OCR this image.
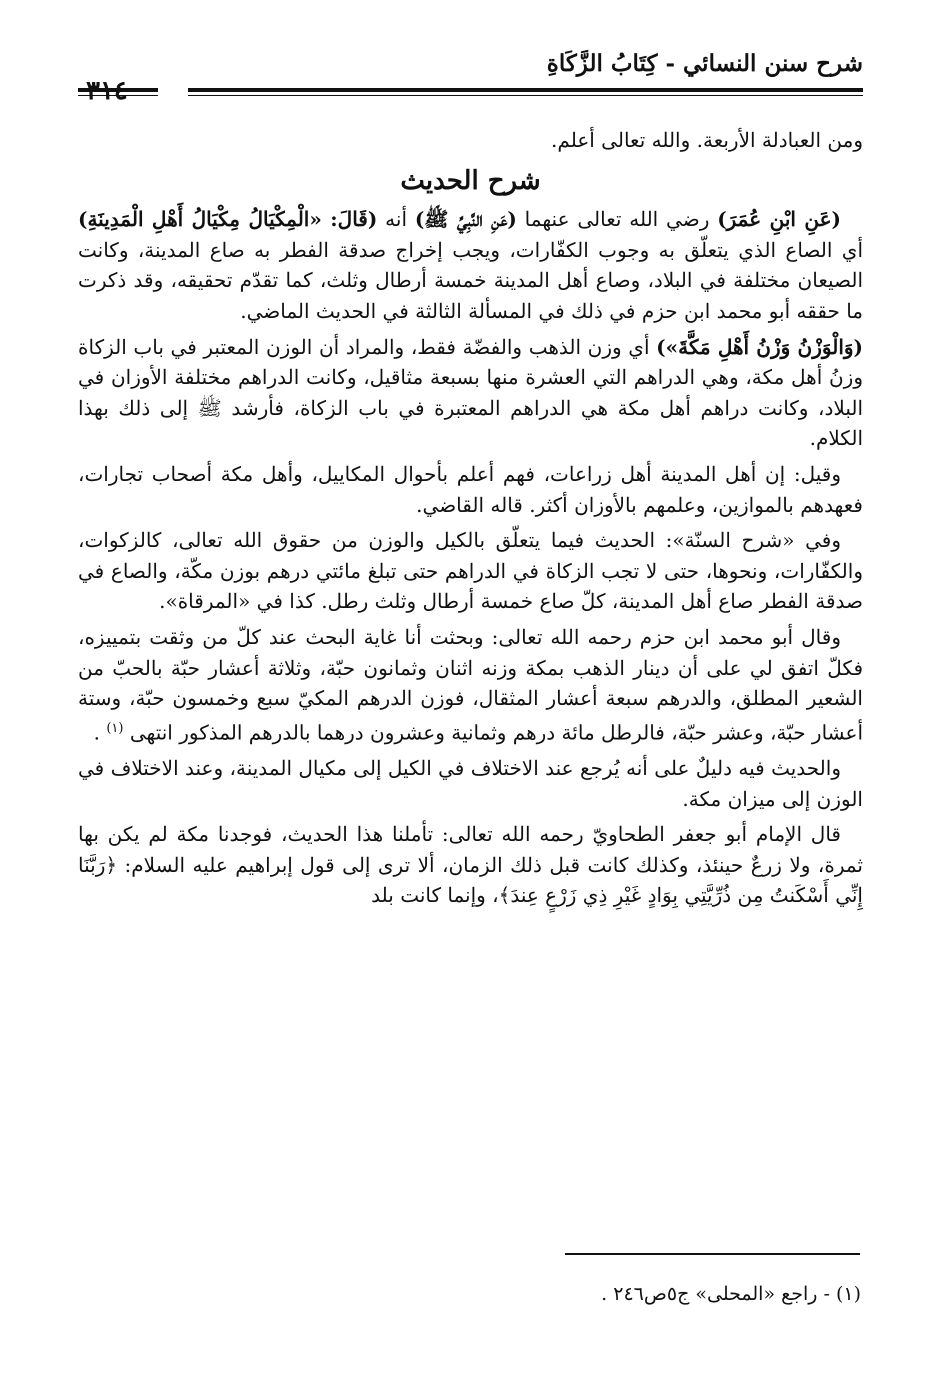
شرح سنن النسائي - كِتَابُ الزَّكَاةِ
٣١٤

ومن العبادلة الأربعة. والله تعالى أعلم.

شرح الحديث

(عَنِ ابْنِ عُمَرَ) رضي الله تعالى عنهما (عَنِ النَّبِيِّ ﷺ) أنه (قَالَ: «الْمِكْيَالُ مِكْيَالُ أَهْلِ الْمَدِينَةِ) أي الصاع الذي يتعلّق به وجوب الكفّارات، ويجب إخراج صدقة الفطر به صاع المدينة، وكانت الصيعان مختلفة في البلاد، وصاع أهل المدينة خمسة أرطال وثلث، كما تقدّم تحقيقه، وقد ذكرت ما حققه أبو محمد ابن حزم في ذلك في المسألة الثالثة في الحديث الماضي.

(وَالْوَزْنُ وَزْنُ أَهْلِ مَكَّةَ») أي وزن الذهب والفضّة فقط، والمراد أن الوزن المعتبر في باب الزكاة وزنُ أهل مكة، وهي الدراهم التي العشرة منها بسبعة مثاقيل، وكانت الدراهم مختلفة الأوزان في البلاد، وكانت دراهم أهل مكة هي الدراهم المعتبرة في باب الزكاة، فأرشد ﷺ إلى ذلك بهذا الكلام.

وقيل: إن أهل المدينة أهل زراعات، فهم أعلم بأحوال المكاييل، وأهل مكة أصحاب تجارات، فعهدهم بالموازين، وعلمهم بالأوزان أكثر. قاله القاضي.

وفي «شرح السنّة»: الحديث فيما يتعلّق بالكيل والوزن من حقوق الله تعالى، كالزكوات، والكفّارات، ونحوها، حتى لا تجب الزكاة في الدراهم حتى تبلغ مائتي درهم بوزن مكّة، والصاع في صدقة الفطر صاع أهل المدينة، كلّ صاع خمسة أرطال وثلث رطل. كذا في «المرقاة».

وقال أبو محمد ابن حزم رحمه الله تعالى: وبحثت أنا غاية البحث عند كلّ من وثقت بتمييزه، فكلّ اتفق لي على أن دينار الذهب بمكة وزنه اثنان وثمانون حبّة، وثلاثة أعشار حبّة بالحبّ من الشعير المطلق، والدرهم سبعة أعشار المثقال، فوزن الدرهم المكيّ سبع وخمسون حبّة، وستة أعشار حبّة، وعشر حبّة، فالرطل مائة درهم وثمانية وعشرون درهما بالدرهم المذكور انتهى $^{(١)}$ .

والحديث فيه دليلٌ على أنه يُرجع عند الاختلاف في الكيل إلى مكيال المدينة، وعند الاختلاف في الوزن إلى ميزان مكة.

قال الإمام أبو جعفر الطحاويّ رحمه الله تعالى: تأملنا هذا الحديث، فوجدنا مكة لم يكن بها ثمرة، ولا زرعٌ حينئذ، وكذلك كانت قبل ذلك الزمان، ألا ترى إلى قول إبراهيم عليه السلام: ﴿رَبَّنَا إِنِّي أَسْكَنتُ مِن ذُرِّيَّتِي بِوَادٍ غَيْرِ ذِي زَرْعٍ عِندَ﴾، وإنما كانت بلد

(١) - راجع «المحلى» ج٥ص٢٤٦ .
